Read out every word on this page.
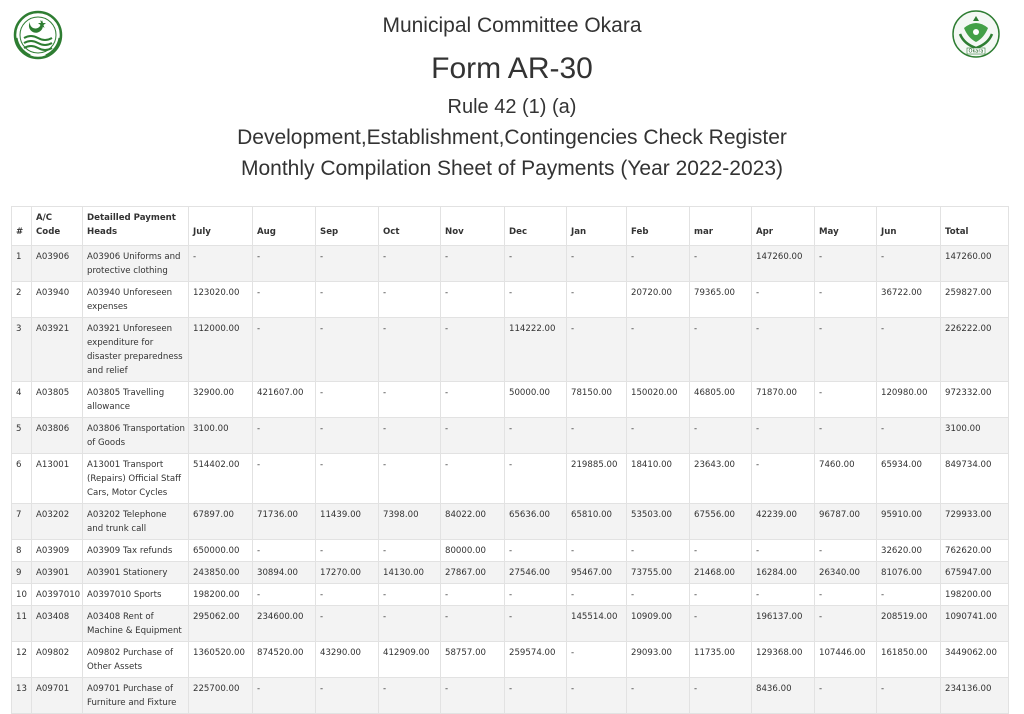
Okara
Municipal Committee Okara
Form AR-30
Rule 42 (1) (a)
Development,Establishment,Contingencies Check Register
Monthly Compilation Sheet of Payments (Year 2022-2023)
#	A/C Code	Detailled Payment Heads	July	Aug	Sep	Oct	Nov	Dec	Jan	Feb	mar	Apr	May	Jun	Total
1	A03906	A03906 Uniforms and protective clothing	-	-	-	-	-	-	-	-	-	147260.00	-	-	147260.00
2	A03940	A03940 Unforeseen expenses	123020.00	-	-	-	-	-	-	20720.00	79365.00	-	-	36722.00	259827.00
3	A03921	A03921 Unforeseen expenditure for disaster preparedness and relief	112000.00	-	-	-	-	114222.00	-	-	-	-	-	-	226222.00
4	A03805	A03805 Travelling allowance	32900.00	421607.00	-	-	-	50000.00	78150.00	150020.00	46805.00	71870.00	-	120980.00	972332.00
5	A03806	A03806 Transportation of Goods	3100.00	-	-	-	-	-	-	-	-	-	-	-	3100.00
6	A13001	A13001 Transport (Repairs) Official Staff Cars, Motor Cycles	514402.00	-	-	-	-	-	219885.00	18410.00	23643.00	-	7460.00	65934.00	849734.00
7	A03202	A03202 Telephone and trunk call	67897.00	71736.00	11439.00	7398.00	84022.00	65636.00	65810.00	53503.00	67556.00	42239.00	96787.00	95910.00	729933.00
8	A03909	A03909 Tax refunds	650000.00	-	-	-	80000.00	-	-	-	-	-	-	32620.00	762620.00
9	A03901	A03901 Stationery	243850.00	30894.00	17270.00	14130.00	27867.00	27546.00	95467.00	73755.00	21468.00	16284.00	26340.00	81076.00	675947.00
10	A0397010	A0397010 Sports	198200.00	-	-	-	-	-	-	-	-	-	-	-	198200.00
11	A03408	A03408 Rent of Machine & Equipment	295062.00	234600.00	-	-	-	-	145514.00	10909.00	-	196137.00	-	208519.00	1090741.00
12	A09802	A09802 Purchase of Other Assets	1360520.00	874520.00	43290.00	412909.00	58757.00	259574.00	-	29093.00	11735.00	129368.00	107446.00	161850.00	3449062.00
13	A09701	A09701 Purchase of Furniture and Fixture	225700.00	-	-	-	-	-	-	-	-	8436.00	-	-	234136.00
